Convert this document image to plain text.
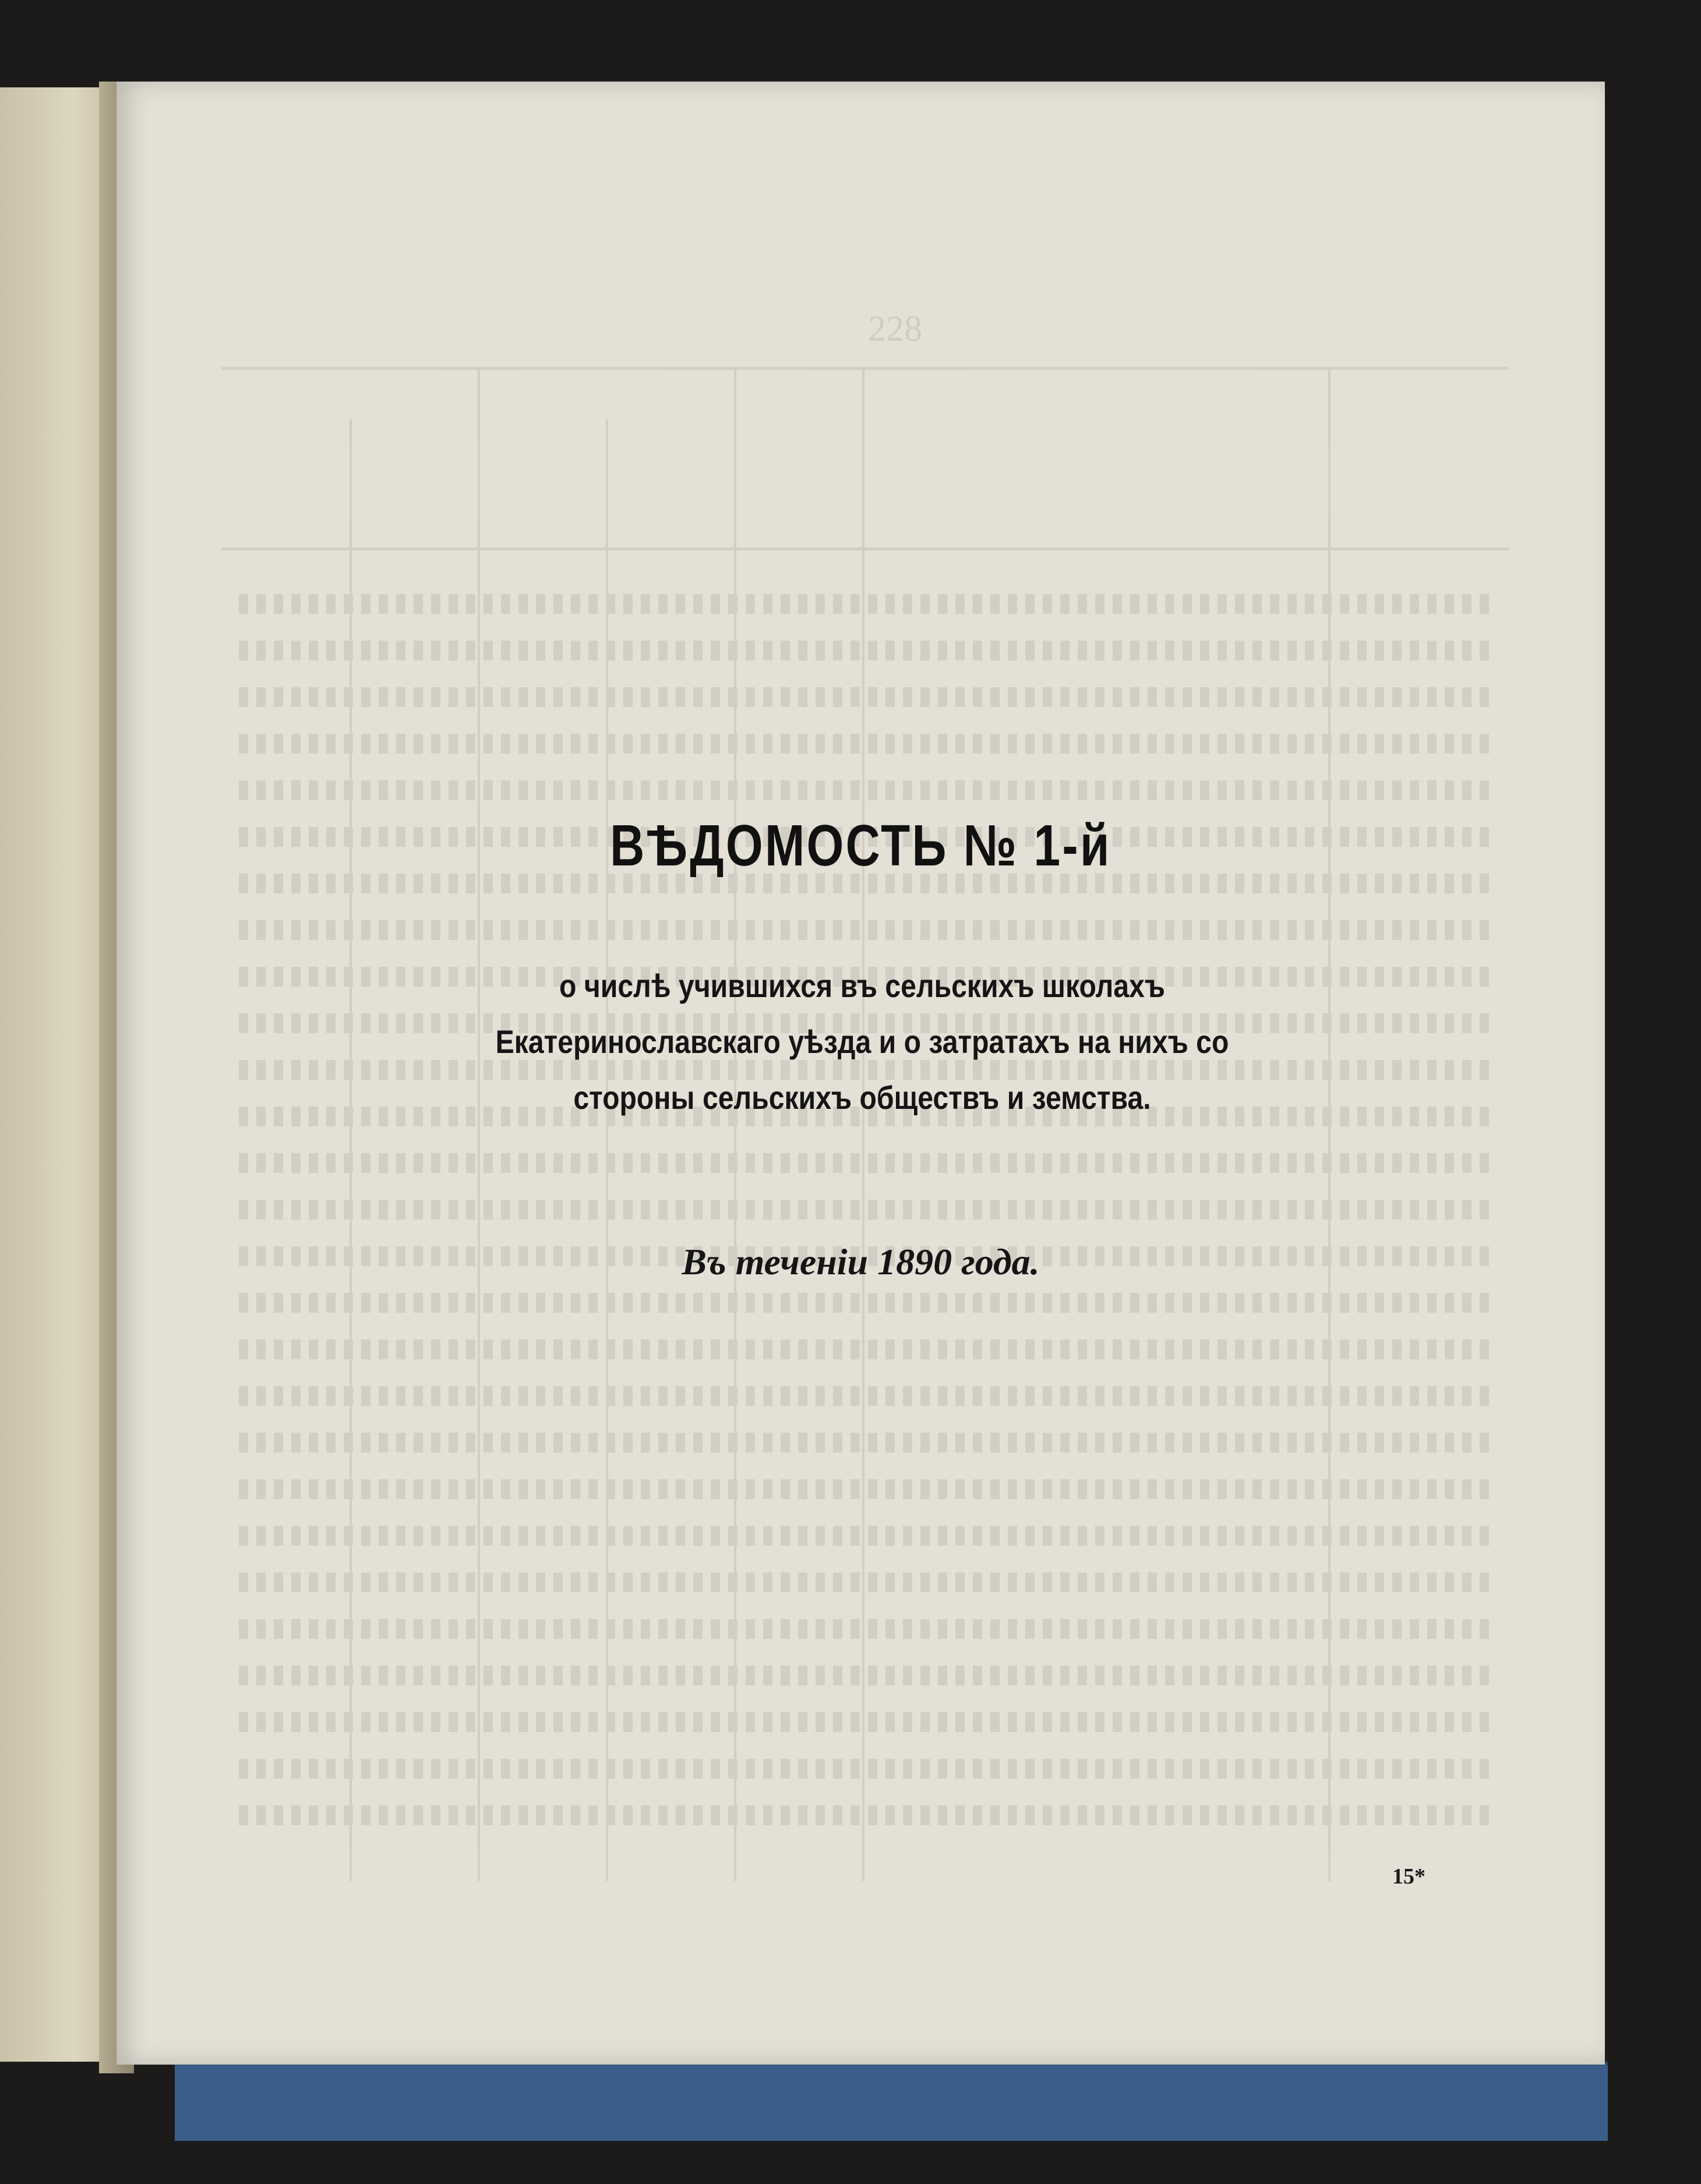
228
ВѢДОМОСТЬ № 1-й

о числѣ учившихся въ сельскихъ школахъ Екатеринославскаго уѣзда и о затратахъ на нихъ со стороны сельскихъ обществъ и земства.

Въ теченіи 1890 года.

15*
